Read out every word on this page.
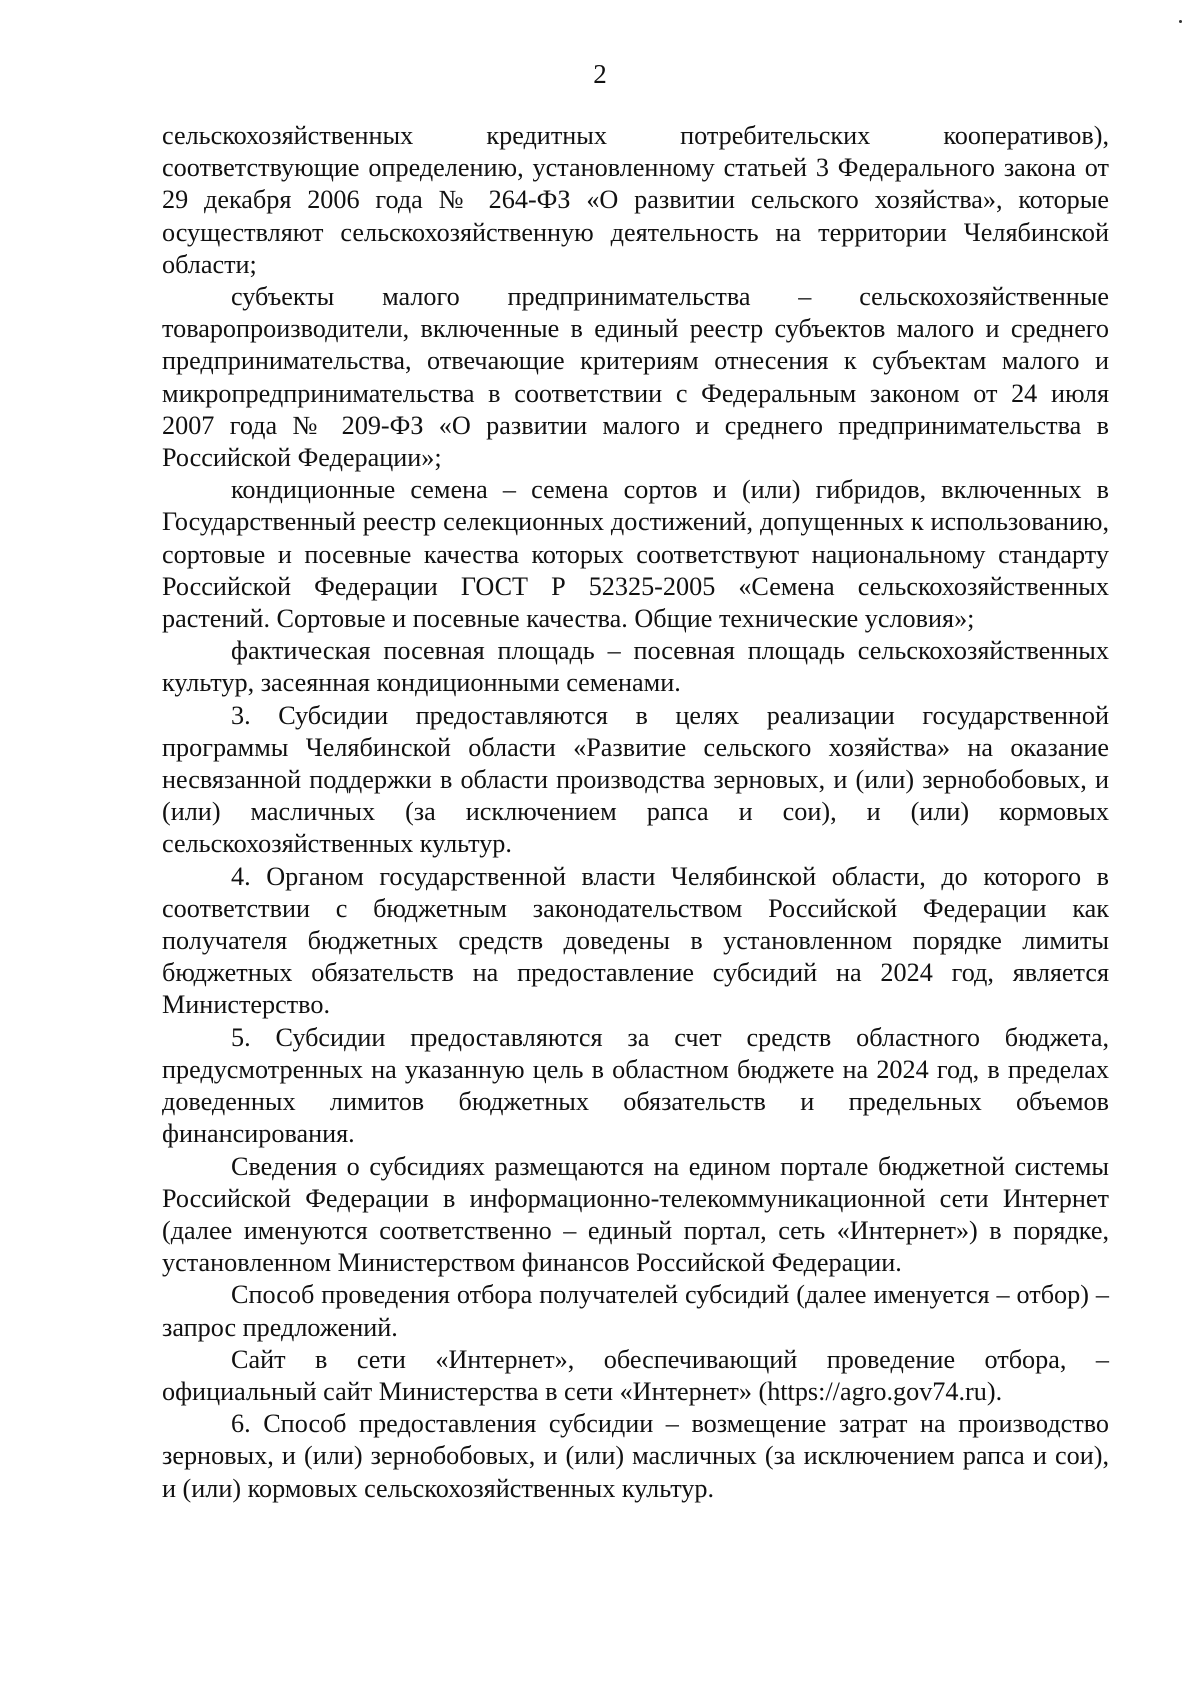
2

сельскохозяйственных кредитных потребительских кооперативов), соответствующие определению, установленному статьей 3 Федерального закона от 29 декабря 2006 года № 264-ФЗ «О развитии сельского хозяйства», которые осуществляют сельскохозяйственную деятельность на территории Челябинской области;

субъекты малого предпринимательства – сельскохозяйственные товаропроизводители, включенные в единый реестр субъектов малого и среднего предпринимательства, отвечающие критериям отнесения к субъектам малого и микропредпринимательства в соответствии с Федеральным законом от 24 июля 2007 года № 209-ФЗ «О развитии малого и среднего предпринимательства в Российской Федерации»;

кондиционные семена – семена сортов и (или) гибридов, включенных в Государственный реестр селекционных достижений, допущенных к использованию, сортовые и посевные качества которых соответствуют национальному стандарту Российской Федерации ГОСТ Р 52325-2005 «Семена сельскохозяйственных растений. Сортовые и посевные качества. Общие технические условия»;

фактическая посевная площадь – посевная площадь сельскохозяйственных культур, засеянная кондиционными семенами.

3. Субсидии предоставляются в целях реализации государственной программы Челябинской области «Развитие сельского хозяйства» на оказание несвязанной поддержки в области производства зерновых, и (или) зернобобовых, и (или) масличных (за исключением рапса и сои), и (или) кормовых сельскохозяйственных культур.

4. Органом государственной власти Челябинской области, до которого в соответствии с бюджетным законодательством Российской Федерации как получателя бюджетных средств доведены в установленном порядке лимиты бюджетных обязательств на предоставление субсидий на 2024 год, является Министерство.

5. Субсидии предоставляются за счет средств областного бюджета, предусмотренных на указанную цель в областном бюджете на 2024 год, в пределах доведенных лимитов бюджетных обязательств и предельных объемов финансирования.

Сведения о субсидиях размещаются на едином портале бюджетной системы Российской Федерации в информационно-телекоммуникационной сети Интернет (далее именуются соответственно – единый портал, сеть «Интернет») в порядке, установленном Министерством финансов Российской Федерации.

Способ проведения отбора получателей субсидий (далее именуется – отбор) – запрос предложений.

Сайт в сети «Интернет», обеспечивающий проведение отбора, – официальный сайт Министерства в сети «Интернет» (https://agro.gov74.ru).

6. Способ предоставления субсидии – возмещение затрат на производство зерновых, и (или) зернобобовых, и (или) масличных (за исключением рапса и сои), и (или) кормовых сельскохозяйственных культур.
